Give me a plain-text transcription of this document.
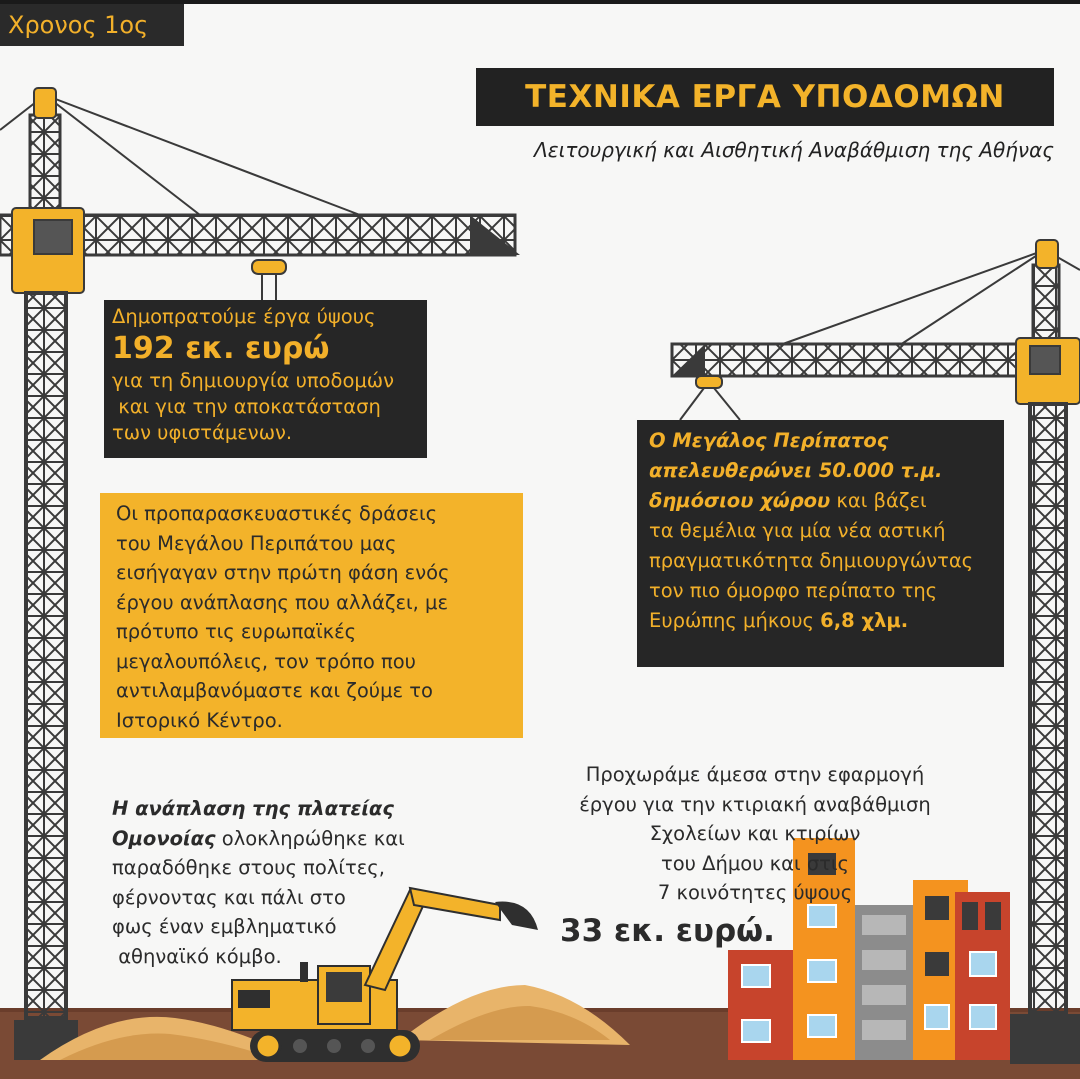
Χρονος 1ος
ΤΕΧΝΙΚΑ ΕΡΓΑ ΥΠΟΔΟΜΩΝ
Λειτουργική και Αισθητική Αναβάθμιση της Αθήνας
Δημοπρατούμε έργα ύψους
192 εκ. ευρώ
για τη δημιουργία υποδομών
και για την αποκατάσταση
των υφιστάμενων.
Οι προπαρασκευαστικές δράσεις
του Μεγάλου Περιπάτου μας
εισήγαγαν στην πρώτη φάση ενός
έργου ανάπλασης που αλλάζει, με
πρότυπο τις ευρωπαϊκές
μεγαλουπόλεις, τον τρόπο που
αντιλαμβανόμαστε και ζούμε το
Ιστορικό Κέντρο.
Ο Μεγάλος Περίπατος
απελευθερώνει 50.000 τ.μ.
δημόσιου χώρου και βάζει
τα θεμέλια για μία νέα αστική
πραγματικότητα δημιουργώντας
τον πιο όμορφο περίπατο της
Ευρώπης μήκους 6,8 χλμ.
Η ανάπλαση της πλατείας
Ομονοίας ολοκληρώθηκε και
παραδόθηκε στους πολίτες,
φέρνοντας και πάλι στο
φως έναν εμβληματικό
αθηναϊκό κόμβο.
Προχωράμε άμεσα στην εφαρμογή
έργου για την κτιριακή αναβάθμιση
Σχολείων και κτιρίων
του Δήμου και στις
7 κοινότητες ύψους
33 εκ. ευρώ.
